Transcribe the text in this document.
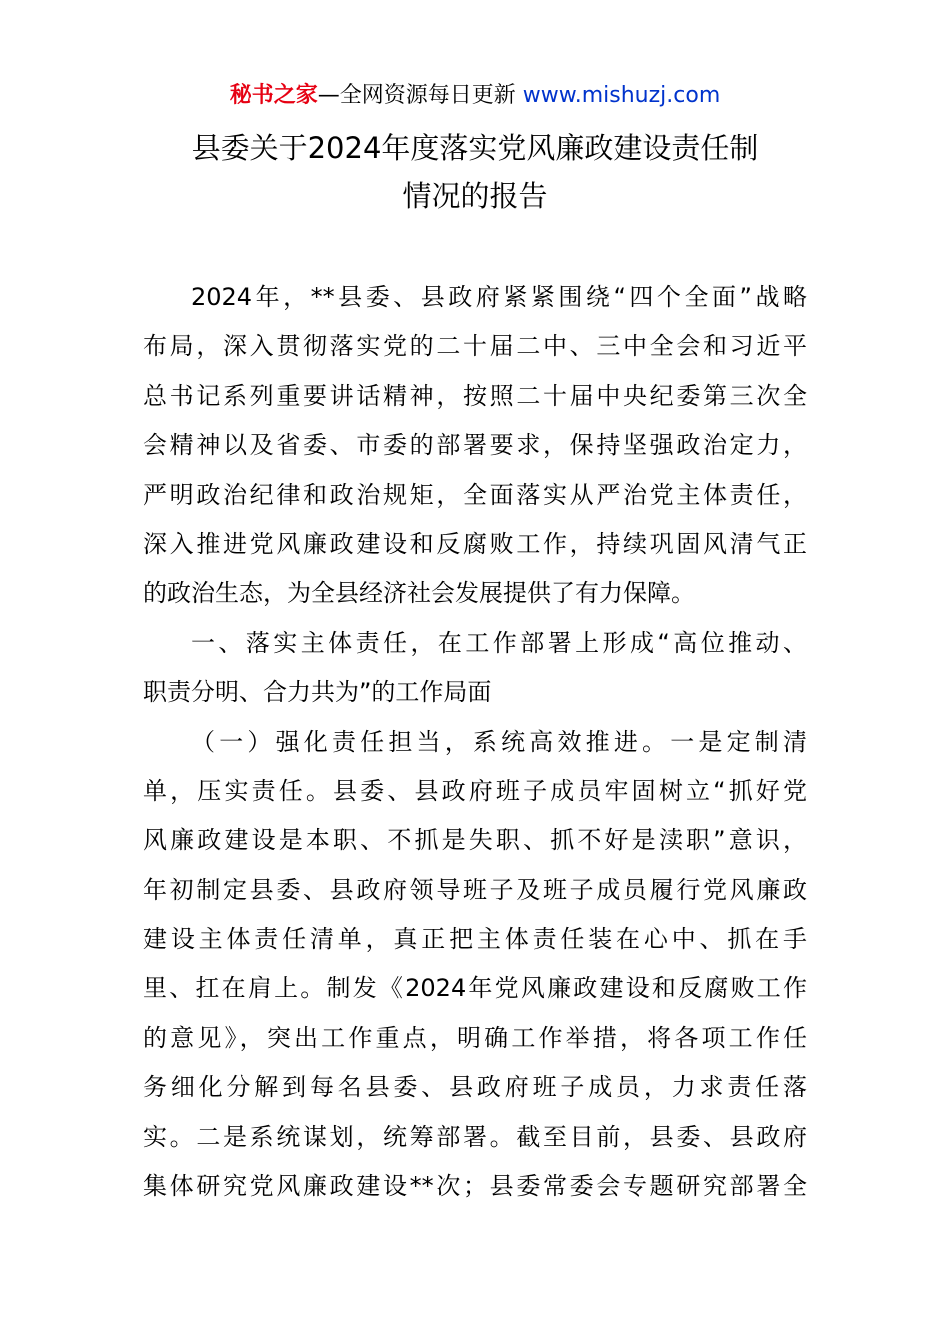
秘书之家—全网资源每日更新 www.mishuzj.com
县委关于2024年度落实党风廉政建设责任制
情况的报告
2024年，**县委、县政府紧紧围绕“四个全面”战略
布局，深入贯彻落实党的二十届二中、三中全会和习近平
总书记系列重要讲话精神，按照二十届中央纪委第三次全
会精神以及省委、市委的部署要求，保持坚强政治定力，
严明政治纪律和政治规矩，全面落实从严治党主体责任，
深入推进党风廉政建设和反腐败工作，持续巩固风清气正
的政治生态，为全县经济社会发展提供了有力保障。
一、落实主体责任，在工作部署上形成“高位推动、
职责分明、合力共为”的工作局面
（一）强化责任担当，系统高效推进。一是定制清
单，压实责任。县委、县政府班子成员牢固树立“抓好党
风廉政建设是本职、不抓是失职、抓不好是渎职”意识，
年初制定县委、县政府领导班子及班子成员履行党风廉政
建设主体责任清单，真正把主体责任装在心中、抓在手
里、扛在肩上。制发《2024年党风廉政建设和反腐败工作
的意见》，突出工作重点，明确工作举措，将各项工作任
务细化分解到每名县委、县政府班子成员，力求责任落
实。二是系统谋划，统筹部署。截至目前，县委、县政府
集体研究党风廉政建设**次；县委常委会专题研究部署全
